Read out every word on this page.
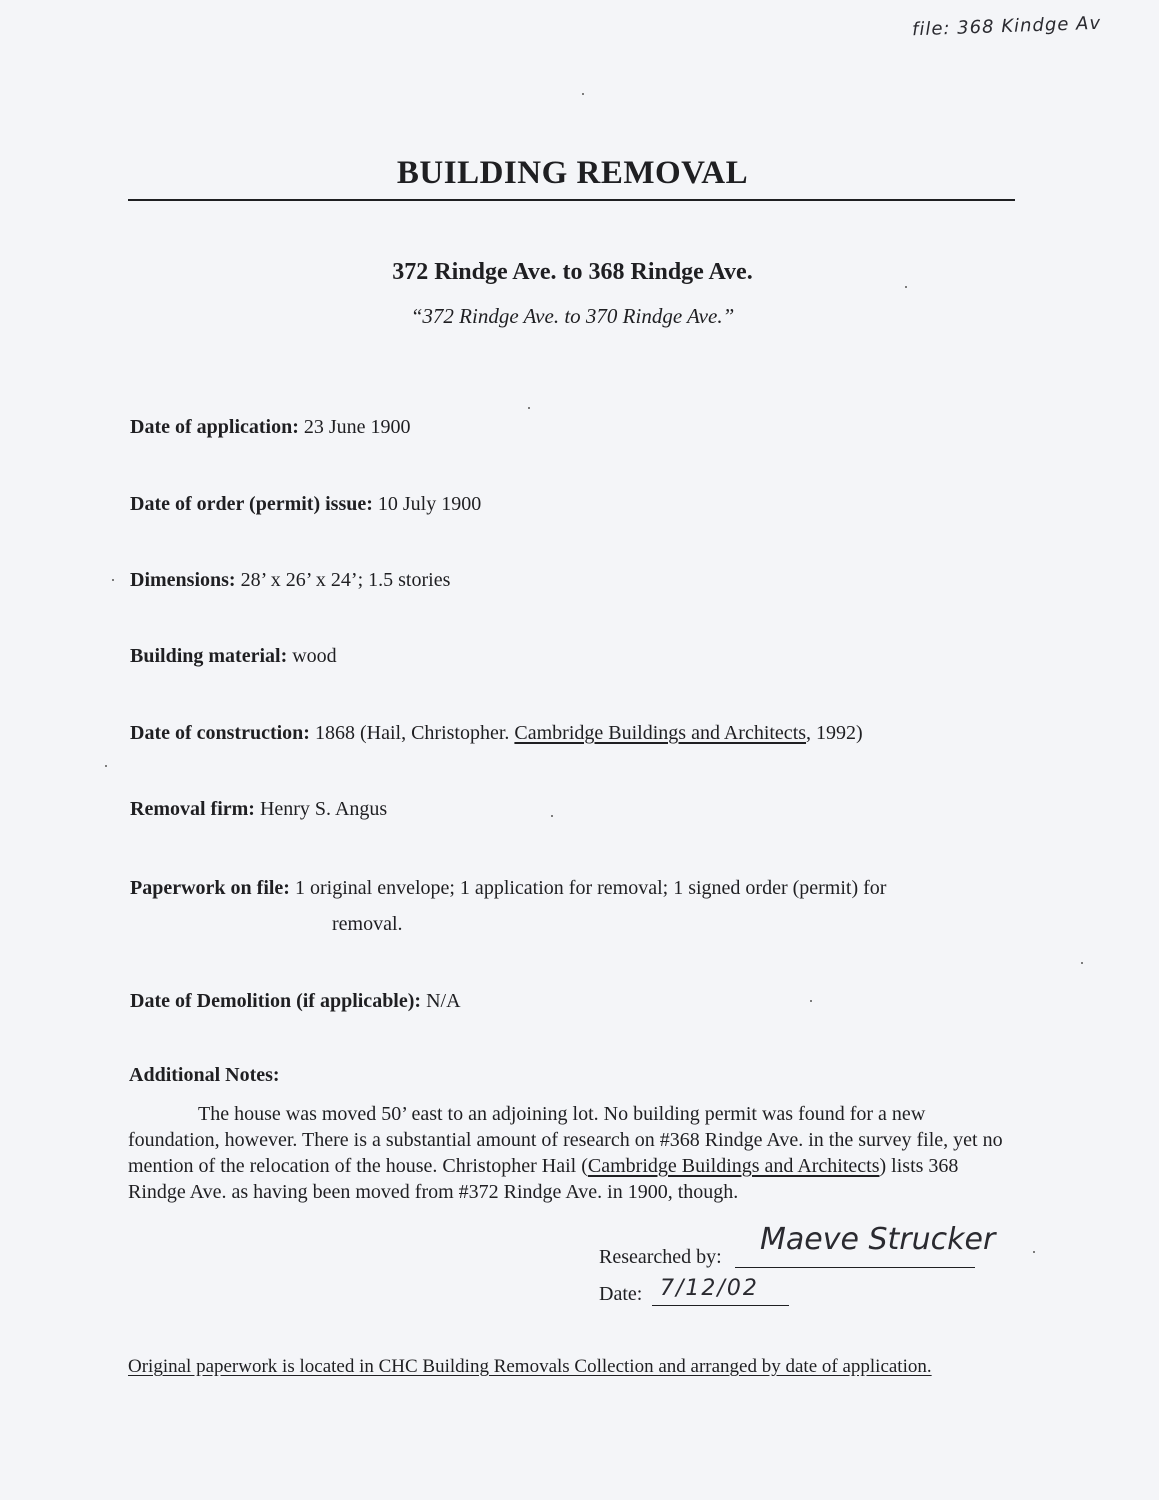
file: 368 Kindge Av
BUILDING REMOVAL
372 Rindge Ave. to 368 Rindge Ave.
“372 Rindge Ave. to 370 Rindge Ave.”
Date of application: 23 June 1900
Date of order (permit) issue: 10 July 1900
Dimensions: 28’ x 26’ x 24’; 1.5 stories
Building material: wood
Date of construction: 1868 (Hail, Christopher. Cambridge Buildings and Architects, 1992)
Removal firm: Henry S. Angus
Paperwork on file: 1 original envelope; 1 application for removal; 1 signed order (permit) for
removal.
Date of Demolition (if applicable): N/A
Additional Notes:
The house was moved 50’ east to an adjoining lot. No building permit was found for a new foundation, however. There is a substantial amount of research on #368 Rindge Ave. in the survey file, yet no mention of the relocation of the house. Christopher Hail (Cambridge Buildings and Architects) lists 368 Rindge Ave. as having been moved from #372 Rindge Ave. in 1900, though.
Researched by: Maeve Strucker
Date: 7/12/02
Original paperwork is located in CHC Building Removals Collection and arranged by date of application.
